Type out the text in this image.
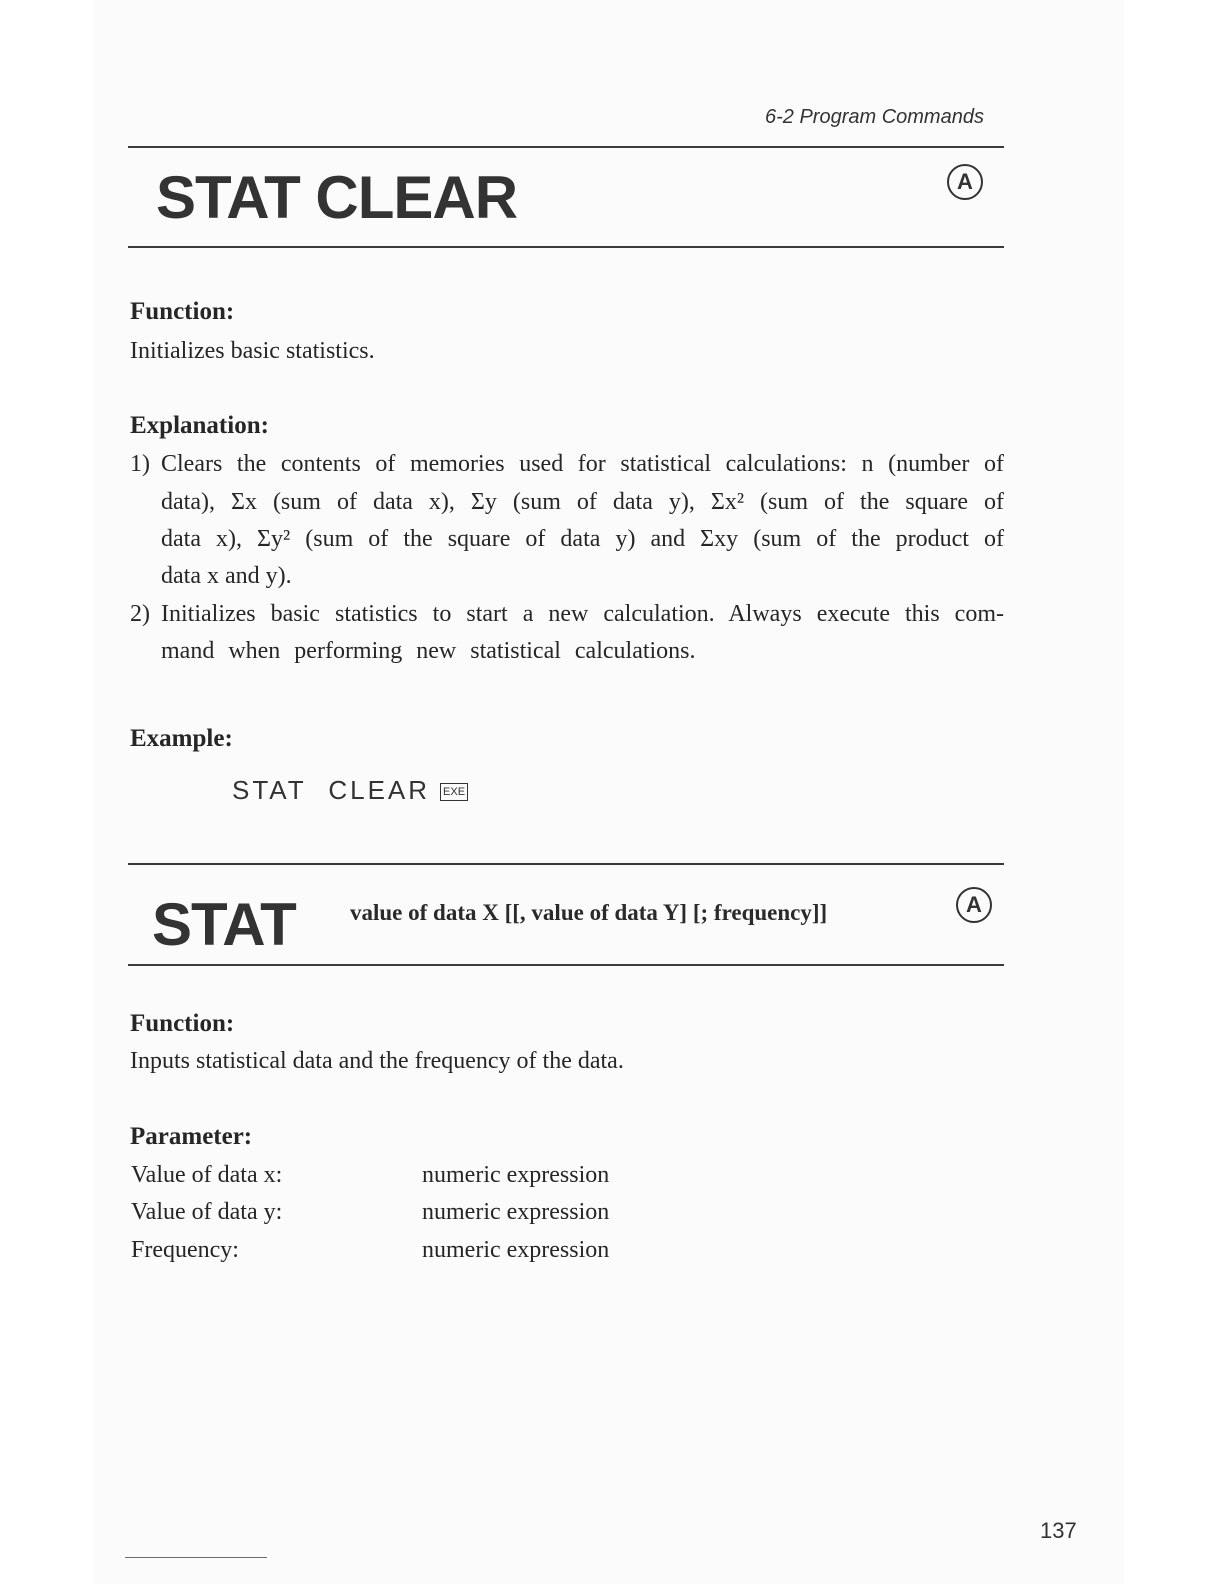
6-2 Program Commands
STAT CLEAR	A
Function:
Initializes basic statistics.
Explanation:
1) Clears the contents of memories used for statistical calculations: n (number of
data), Σx (sum of data x), Σy (sum of data y), Σx² (sum of the square of
data x), Σy² (sum of the square of data y) and Σxy (sum of the product of
data x and y).
2) Initializes basic statistics to start a new calculation. Always execute this com-
mand when performing new statistical calculations.
Example:
STAT CLEAR EXE
STAT value of data X [[, value of data Y] [; frequency]]	A
Function:
Inputs statistical data and the frequency of the data.
Parameter:
Value of data x:	numeric expression
Value of data y:	numeric expression
Frequency:	numeric expression
137
